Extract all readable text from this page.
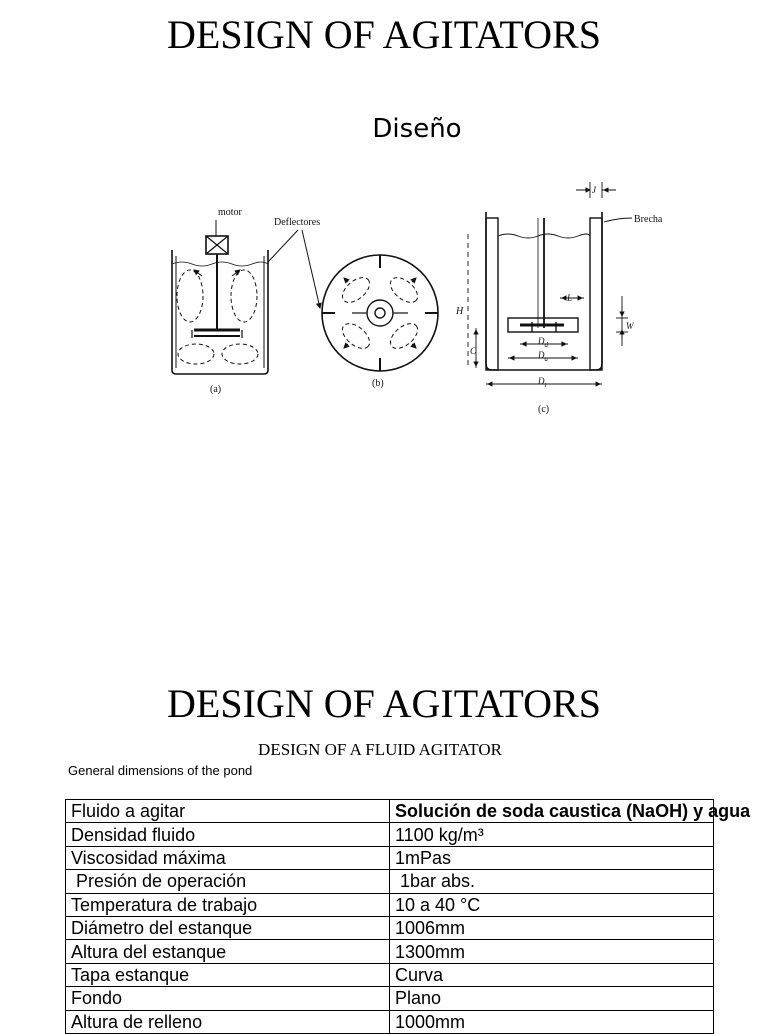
DESIGN OF AGITATORS
Diseño
motor
(a)
Deflectores
(b)
Brecha
J
H
L
W
C
$D_d$
$D_a$
$D_t$
(c)
DESIGN OF AGITATORS
DESIGN OF A FLUID AGITATOR
General dimensions of the pond
Fluido a agitar	Solución de soda caustica (NaOH) y agua
Densidad fluido	1100 kg/m³
Viscosidad máxima	1mPas
Presión de operación	1bar abs.
Temperatura de trabajo	10 a 40 °C
Diámetro del estanque	1006mm
Altura del estanque	1300mm
Tapa estanque	Curva
Fondo	Plano
Altura de relleno	1000mm
